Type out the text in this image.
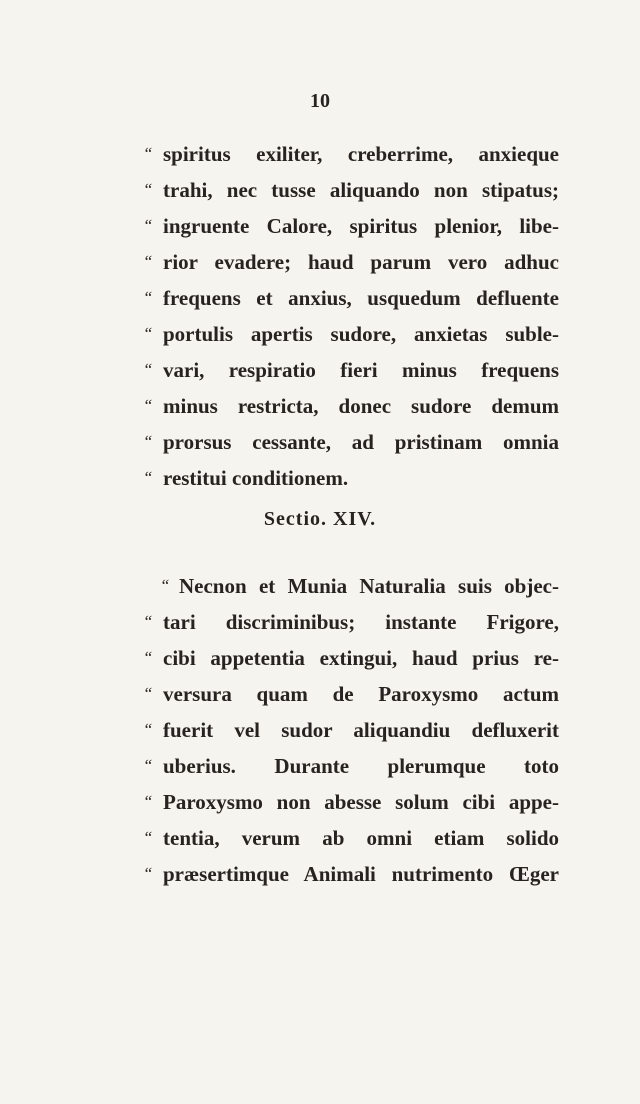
10
“ spiritus exiliter, creberrime, anxieque
“ trahi, nec tusse aliquando non stipatus;
“ ingruente Calore, spiritus plenior, libe-
“ rior evadere; haud parum vero adhuc
“ frequens et anxius, usquedum defluente
“ portulis apertis sudore, anxietas suble-
“ vari, respiratio fieri minus frequens
“ minus restricta, donec sudore demum
“ prorsus cessante, ad pristinam omnia
“ restitui conditionem.
Sectio. XIV.
“ Necnon et Munia Naturalia suis objec-
“ tari discriminibus; instante Frigore,
“ cibi appetentia extingui, haud prius re-
“ versura quam de Paroxysmo actum
“ fuerit vel sudor aliquandiu defluxerit
“ uberius. Durante plerumque toto
“ Paroxysmo non abesse solum cibi appe-
“ tentia, verum ab omni etiam solido
“ præsertimque Animali nutrimento Œger
